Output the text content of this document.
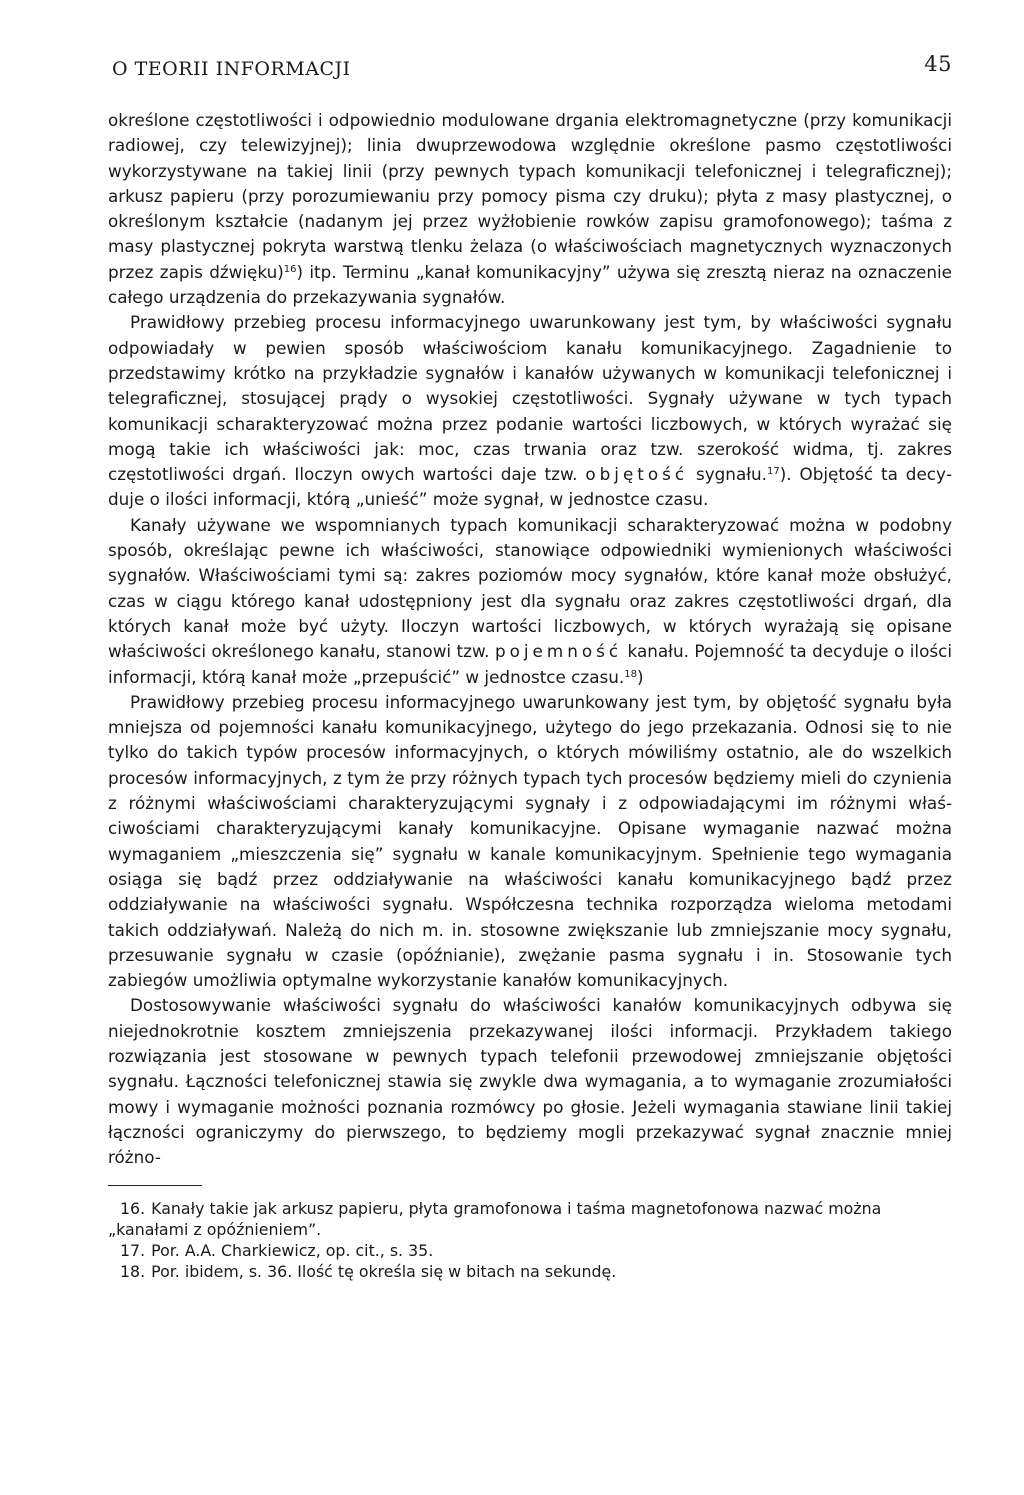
O TEORII INFORMACJI	45

określone częstotliwości i odpowiednio modulowane drgania elektromagnetyczne (przy komunikacji radiowej, czy telewizyjnej); linia dwuprzewodowa względnie określone pasmo częstotliwości wykorzystywane na takiej linii (przy pewnych typach komunikacji telefonicznej i telegraficznej); arkusz papieru (przy porozumiewaniu przy pomocy pisma czy druku); płyta z masy plastycznej, o określonym kształcie (nadanym jej przez wyżłobienie rowków zapisu gramofonowego); taśma z masy plastycznej pokryta warstwą tlenku żelaza (o właściwościach magnetycznych wyznaczonych przez zapis dźwięku)$^{16}$) itp. Terminu „kanał komunikacyjny” używa się zresztą nieraz na oznaczenie całego urządzenia do przekazywania sygnałów.

Prawidłowy przebieg procesu informacyjnego uwarunkowany jest tym, by właściwości sygnału odpowiadały w pewien sposób właściwościom kanału komunikacyjnego. Zagadnienie to przedstawimy krótko na przykładzie sygnałów i kanałów używanych w komunikacji telefonicznej i telegraficznej, stosującej prądy o wysokiej częstotliwości. Sygnały używane w tych typach komunikacji scharakteryzować można przez podanie wartości liczbowych, w których wyrażać się mogą takie ich właściwości jak: moc, czas trwania oraz tzw. szerokość widma, tj. zakres częstotliwości drgań. Iloczyn owych wartości daje tzw. objętość sygnału.$^{17}$). Objętość ta decyduje o ilości informacji, którą „unieść” może sygnał, w jednostce czasu.

Kanały używane we wspomnianych typach komunikacji scharakteryzować można w podobny sposób, określając pewne ich właściwości, stanowiące odpowiedniki wymienionych właściwości sygnałów. Właściwościami tymi są: zakres poziomów mocy sygnałów, które kanał może obsłużyć, czas w ciągu którego kanał udostępniony jest dla sygnału oraz zakres częstotliwości drgań, dla których kanał może być użyty. Iloczyn wartości liczbowych, w których wyrażają się opisane właściwości określonego kanału, stanowi tzw. pojemność kanału. Pojemność ta decyduje o ilości informacji, którą kanał może „przepuścić” w jednostce czasu.$^{18}$)

Prawidłowy przebieg procesu informacyjnego uwarunkowany jest tym, by objętość sygnału była mniejsza od pojemności kanału komunikacyjnego, użytego do jego przekazania. Odnosi się to nie tylko do takich typów procesów informacyjnych, o których mówiliśmy ostatnio, ale do wszelkich procesów informacyjnych, z tym że przy różnych typach tych procesów będziemy mieli do czynienia z różnymi właściwościami charakteryzującymi sygnały i z odpowiadającymi im różnymi właściwościami charakteryzującymi kanały komunikacyjne. Opisane wymaganie nazwać można wymaganiem „mieszczenia się” sygnału w kanale komunikacyjnym. Spełnienie tego wymagania osiąga się bądź przez oddziaływanie na właściwości kanału komunikacyjnego bądź przez oddziaływanie na właściwości sygnału. Współczesna technika rozporządza wieloma metodami takich oddziaływań. Należą do nich m. in. stosowne zwiększanie lub zmniejszanie mocy sygnału, przesuwanie sygnału w czasie (opóźnianie), zwężanie pasma sygnału i in. Stosowanie tych zabiegów umożliwia optymalne wykorzystanie kanałów komunikacyjnych.

Dostosowywanie właściwości sygnału do właściwości kanałów komunikacyjnych odbywa się niejednokrotnie kosztem zmniejszenia przekazywanej ilości informacji. Przykładem takiego rozwiązania jest stosowane w pewnych typach telefonii przewodowej zmniejszanie objętości sygnału. Łączności telefonicznej stawia się zwykle dwa wymagania, a to wymaganie zrozumiałości mowy i wymaganie możności poznania rozmówcy po głosie. Jeżeli wymagania stawiane linii takiej łączności ograniczymy do pierwszego, to będziemy mogli przekazywać sygnał znacznie mniej różno-

16. Kanały takie jak arkusz papieru, płyta gramofonowa i taśma magnetofonowa nazwać można „kanałami z opóźnieniem”.

17. Por. A.A. Charkiewicz, op. cit., s. 35.

18. Por. ibidem, s. 36. Ilość tę określa się w bitach na sekundę.
